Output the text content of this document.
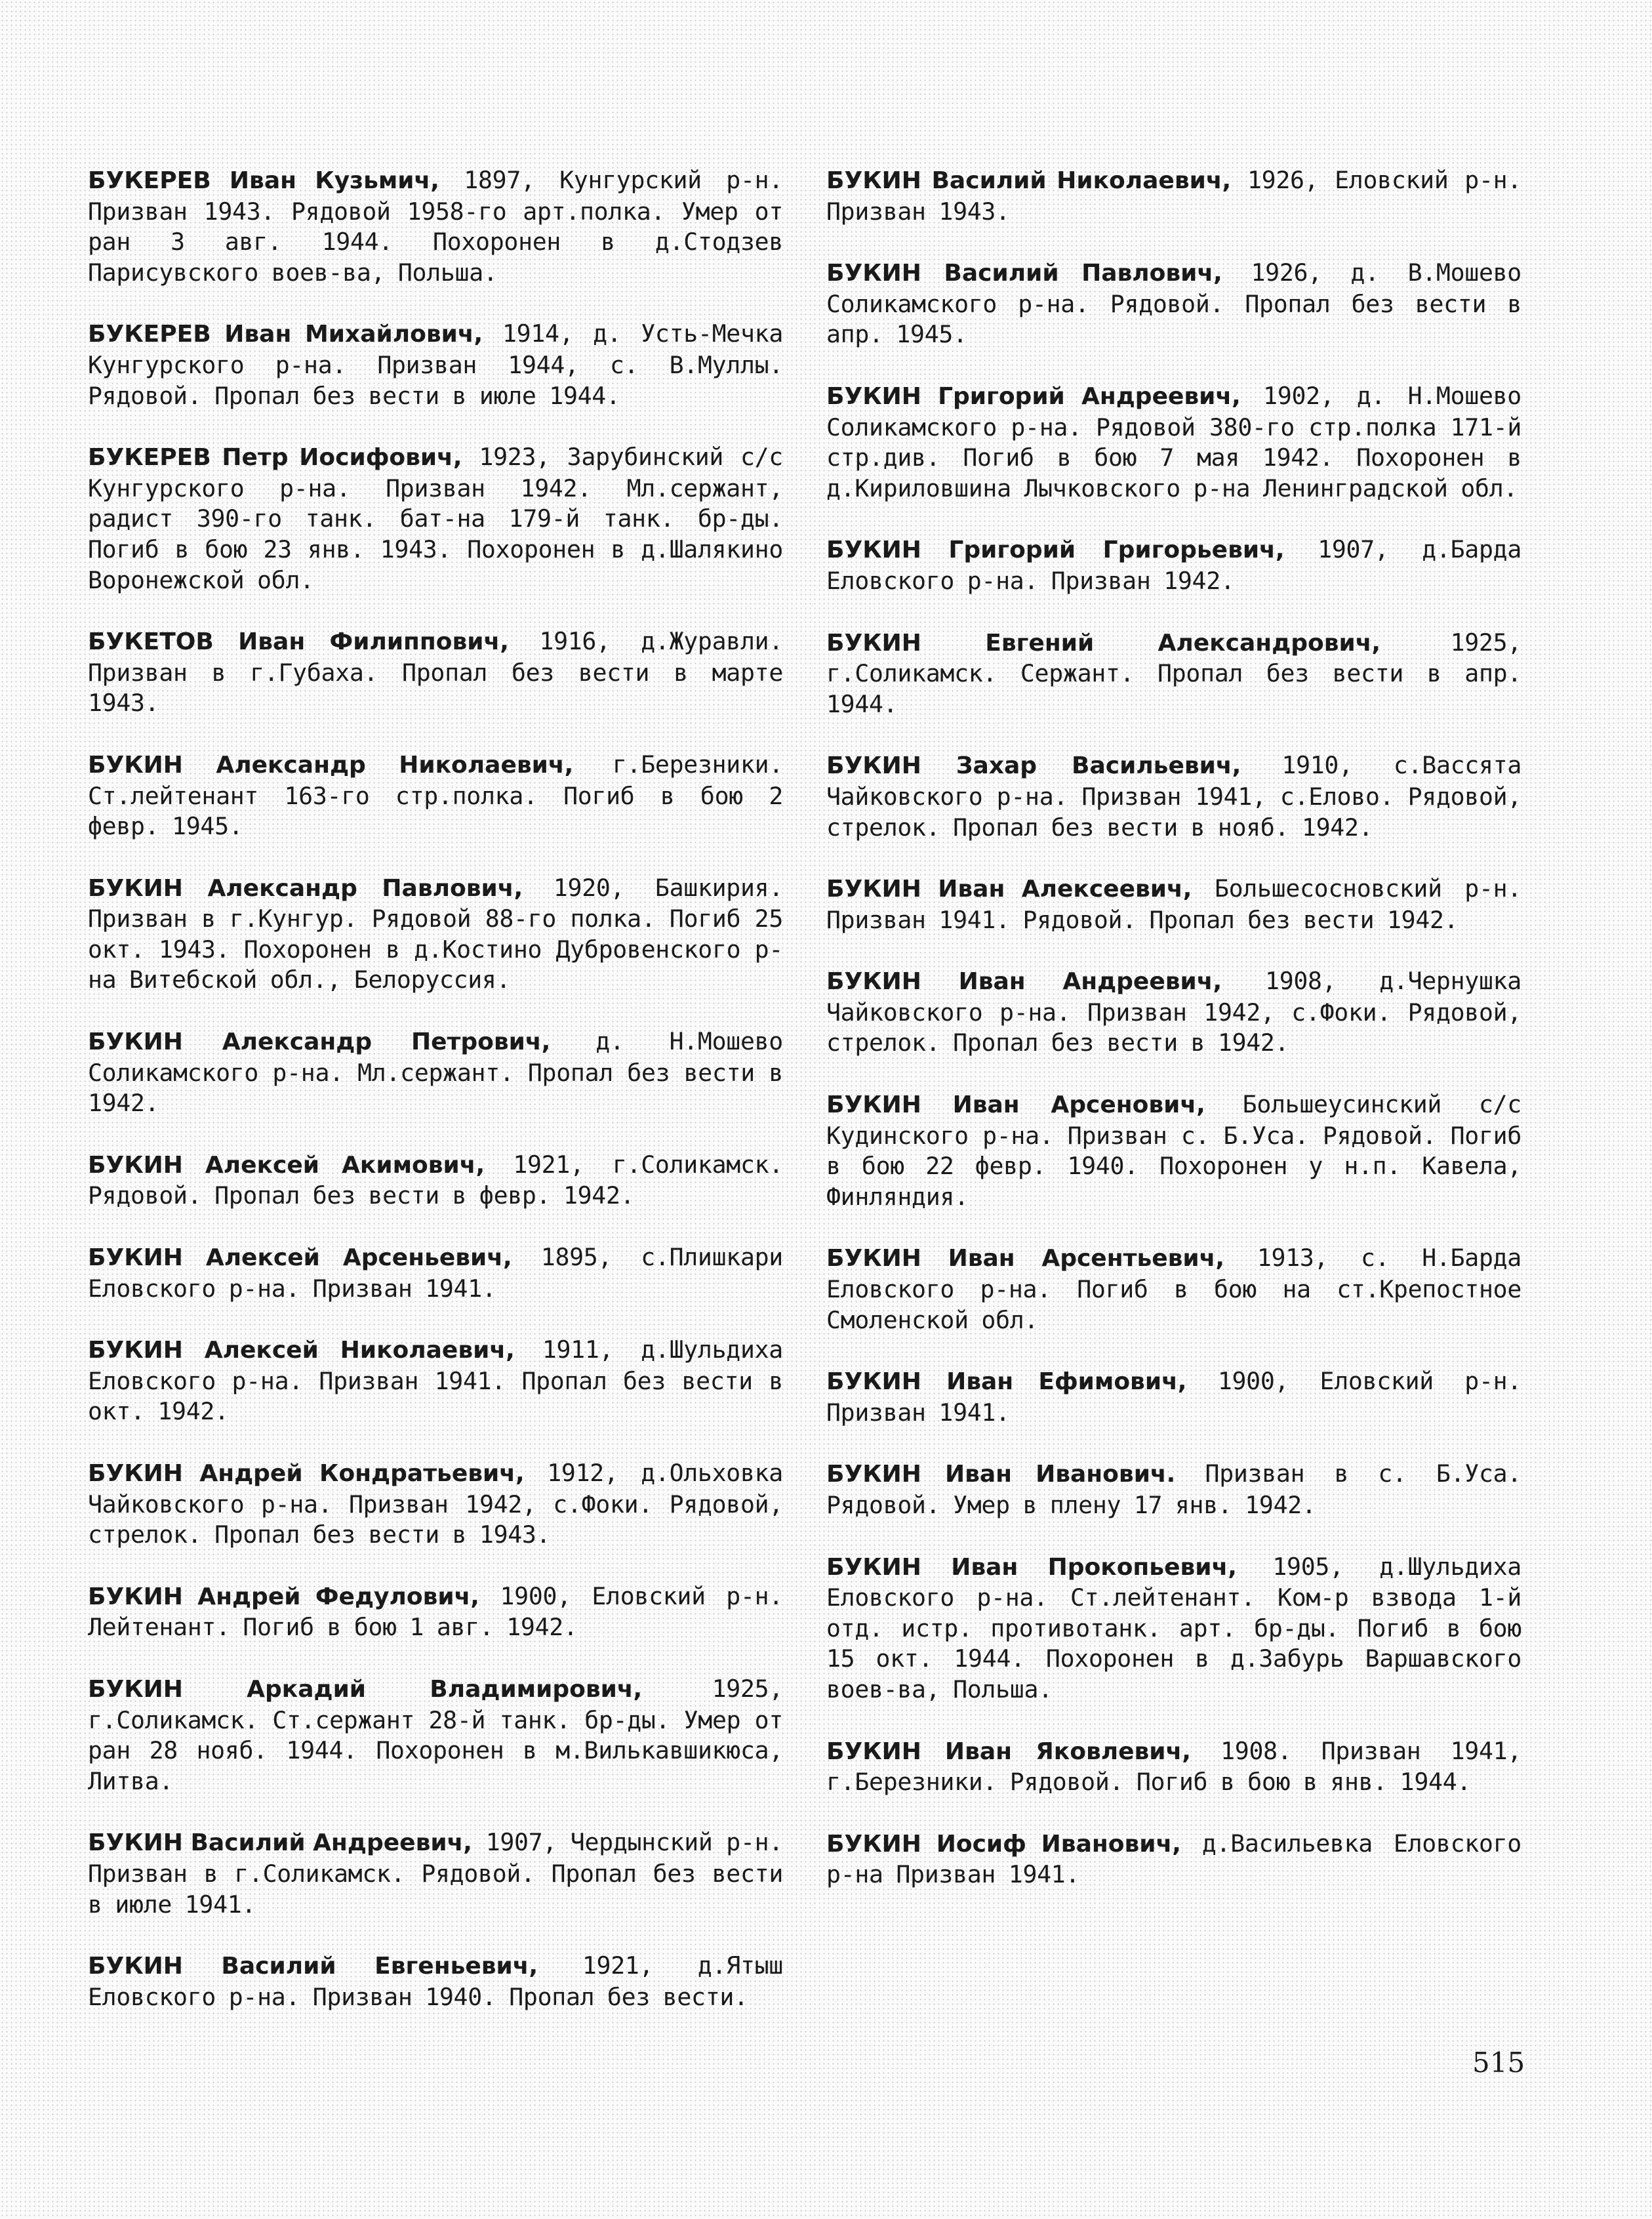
БУКЕРЕВ Иван Кузьмич, 1897, Кунгурский р-н. Призван 1943. Рядовой 1958-го арт.полка. Умер от ран 3 авг. 1944. Похоронен в д.Стодзев Парисувского воев-ва, Польша.

БУКЕРЕВ Иван Михайлович, 1914, д. Усть-Мечка Кунгурского р-на. Призван 1944, с. В.Муллы. Рядовой. Пропал без вести в июле 1944.

БУКЕРЕВ Петр Иосифович, 1923, Зарубинский с/с Кунгурского р-на. Призван 1942. Мл.сержант, радист 390-го танк. бат-на 179-й танк. бр-ды. Погиб в бою 23 янв. 1943. Похоронен в д.Шалякино Воронежской обл.

БУКЕТОВ Иван Филиппович, 1916, д.Журавли. Призван в г.Губаха. Пропал без вести в марте 1943.

БУКИН Александр Николаевич, г.Березники. Ст.лейтенант 163-го стр.полка. Погиб в бою 2 февр. 1945.

БУКИН Александр Павлович, 1920, Башкирия. Призван в г.Кунгур. Рядовой 88-го полка. Погиб 25 окт. 1943. Похоронен в д.Костино Дубровенского р-на Витебской обл., Белоруссия.

БУКИН Александр Петрович, д. Н.Мошево Соликамского р-на. Мл.сержант. Пропал без вести в 1942.

БУКИН Алексей Акимович, 1921, г.Соликамск. Рядовой. Пропал без вести в февр. 1942.

БУКИН Алексей Арсеньевич, 1895, с.Плишкари Еловского р-на. Призван 1941.

БУКИН Алексей Николаевич, 1911, д.Шульдиха Еловского р-на. Призван 1941. Пропал без вести в окт. 1942.

БУКИН Андрей Кондратьевич, 1912, д.Ольховка Чайковского р-на. Призван 1942, с.Фоки. Рядовой, стрелок. Пропал без вести в 1943.

БУКИН Андрей Федулович, 1900, Еловский р-н. Лейтенант. Погиб в бою 1 авг. 1942.

БУКИН Аркадий Владимирович,	1925, г.Соликамск. Ст.сержант 28-й танк. бр-ды. Умер от ран 28 нояб. 1944. Похоронен в м.Вилькавшикюса, Литва.

БУКИН Василий Андреевич, 1907, Чердынский р-н. Призван в г.Соликамск. Рядовой. Пропал без вести в июле 1941.

БУКИН Василий Евгеньевич, 1921, д.Ятыш Еловского р-на. Призван 1940. Пропал без вести.

БУКИН Василий Николаевич, 1926, Еловский р-н. Призван 1943.

БУКИН Василий Павлович, 1926, д. В.Мошево Соликамского р-на. Рядовой. Пропал без вести в апр. 1945.

БУКИН Григорий Андреевич, 1902, д. Н.Мошево Соликамского р-на. Рядовой 380-го стр.полка 171-й стр.див. Погиб в бою 7 мая 1942. Похоронен в д.Кириловшина Лычковского р-на Ленинградской обл.

БУКИН Григорий Григорьевич, 1907, д.Барда Еловского р-на. Призван 1942.

БУКИН Евгений Александрович,	1925, г.Соликамск. Сержант. Пропал без вести в апр. 1944.

БУКИН Захар Васильевич, 1910, с.Вассята Чайковского р-на. Призван 1941, с.Елово. Рядовой, стрелок. Пропал без вести в нояб. 1942.

БУКИН Иван Алексеевич, Большесосновский р-н. Призван 1941. Рядовой. Пропал без вести 1942.

БУКИН Иван Андреевич, 1908, д.Чернушка Чайковского р-на. Призван 1942, с.Фоки. Рядовой, стрелок. Пропал без вести в 1942.

БУКИН Иван Арсенович, Большеусинский с/с Кудинского р-на. Призван с. Б.Уса. Рядовой. Погиб в бою 22 февр. 1940. Похоронен у н.п. Кавела, Финляндия.

БУКИН Иван Арсентьевич, 1913, с. Н.Барда Еловского р-на. Погиб в бою на ст.Крепостное Смоленской обл.

БУКИН Иван Ефимович, 1900, Еловский р-н. Призван 1941.

БУКИН Иван Иванович. Призван в с. Б.Уса. Рядовой. Умер в плену 17 янв. 1942.

БУКИН Иван Прокопьевич, 1905, д.Шульдиха Еловского р-на. Ст.лейтенант. Ком-р взвода 1-й отд. истр. противотанк. арт. бр-ды. Погиб в бою 15 окт. 1944. Похоронен в д.Забурь Варшавского воев-ва, Польша.

БУКИН Иван Яковлевич, 1908. Призван 1941, г.Березники. Рядовой. Погиб в бою в янв. 1944.

БУКИН Иосиф Иванович, д.Васильевка Еловского р-на Призван 1941.

515
